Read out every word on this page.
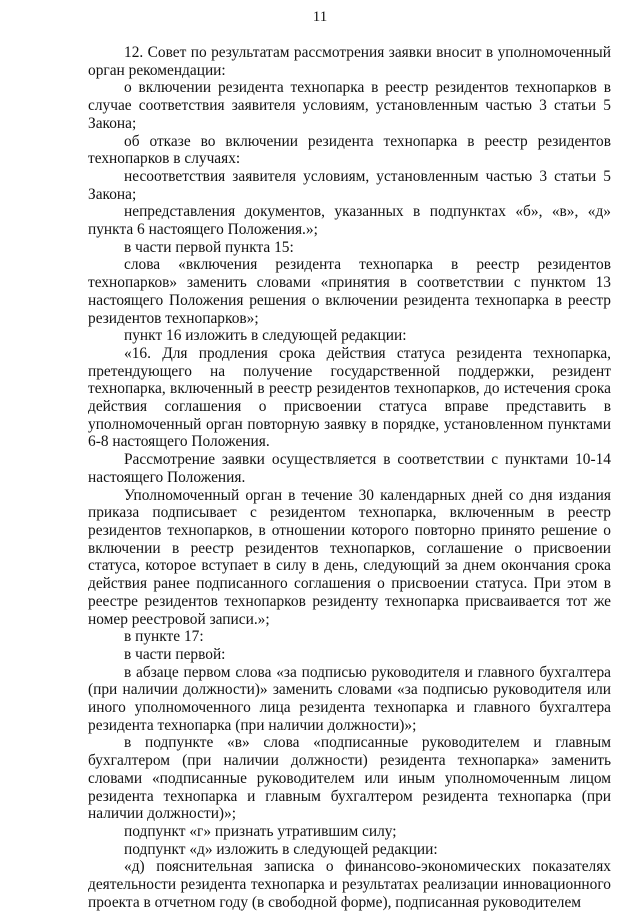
11

12. Совет по результатам рассмотрения заявки вносит в уполномоченный орган рекомендации:

о включении резидента технопарка в реестр резидентов технопарков в случае соответствия заявителя условиям, установленным частью 3 статьи 5 Закона;

об отказе во включении резидента технопарка в реестр резидентов технопарков в случаях:

несоответствия заявителя условиям, установленным частью 3 статьи 5 Закона;

непредставления документов, указанных в подпунктах «б», «в», «д» пункта 6 настоящего Положения.»;

в части первой пункта 15:

слова «включения резидента технопарка в реестр резидентов технопарков» заменить словами «принятия в соответствии с пунктом 13 настоящего Положения решения о включении резидента технопарка в реестр резидентов технопарков»;

пункт 16 изложить в следующей редакции:

«16. Для продления срока действия статуса резидента технопарка, претендующего на получение государственной поддержки, резидент технопарка, включенный в реестр резидентов технопарков, до истечения срока действия соглашения о присвоении статуса вправе представить в уполномоченный орган повторную заявку в порядке, установленном пунктами 6-8 настоящего Положения.

Рассмотрение заявки осуществляется в соответствии с пунктами 10-14 настоящего Положения.

Уполномоченный орган в течение 30 календарных дней со дня издания приказа подписывает с резидентом технопарка, включенным в реестр резидентов технопарков, в отношении которого повторно принято решение о включении в реестр резидентов технопарков, соглашение о присвоении статуса, которое вступает в силу в день, следующий за днем окончания срока действия ранее подписанного соглашения о присвоении статуса. При этом в реестре резидентов технопарков резиденту технопарка присваивается тот же номер реестровой записи.»;

в пункте 17:

в части первой:

в абзаце первом слова «за подписью руководителя и главного бухгалтера (при наличии должности)» заменить словами «за подписью руководителя или иного уполномоченного лица резидента технопарка и главного бухгалтера резидента технопарка (при наличии должности)»;

в подпункте «в» слова «подписанные руководителем и главным бухгалтером (при наличии должности) резидента технопарка» заменить словами «подписанные руководителем или иным уполномоченным лицом резидента технопарка и главным бухгалтером резидента технопарка (при наличии должности)»;

подпункт «г» признать утратившим силу;

подпункт «д» изложить в следующей редакции:

«д) пояснительная записка о финансово-экономических показателях деятельности резидента технопарка и результатах реализации инновационного проекта в отчетном году (в свободной форме), подписанная руководителем
